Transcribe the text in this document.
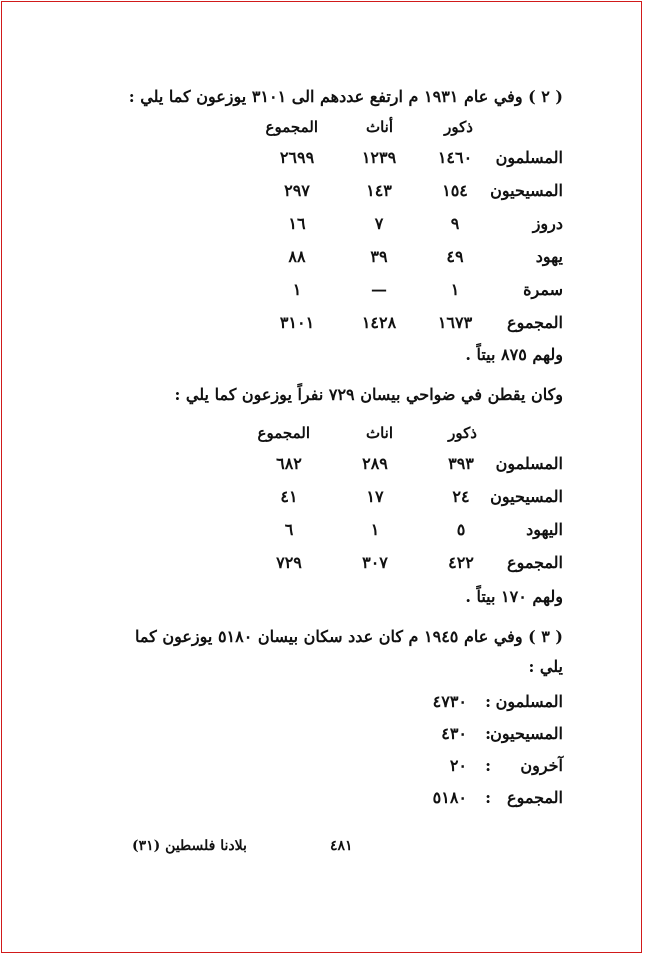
( ٢ ) وفي عام ١٩٣١ م ارتفع عددهم الى ٣١٠١ يوزعون كما يلي :
ذكور
أناث
المجموع
المسلمون
١٤٦٠
١٢٣٩
٢٦٩٩
المسيحيون
١٥٤
١٤٣
٢٩٧
دروز
٩
٧
١٦
يهود
٤٩
٣٩
٨٨
سمرة
١
—
١
المجموع
١٦٧٣
١٤٢٨
٣١٠١
ولهم ٨٧٥ بيتاً .
وكان يقطن في ضواحي بيسان ٧٢٩ نفراً يوزعون كما يلي :
ذكور
اناث
المجموع
المسلمون
٣٩٣
٢٨٩
٦٨٢
المسيحيون
٢٤
١٧
٤١
اليهود
٥
١
٦
المجموع
٤٢٢
٣٠٧
٧٢٩
ولهم ١٧٠ بيتاً .
( ٣ ) وفي عام ١٩٤٥ م كان عدد سكان بيسان ٥١٨٠ يوزعون كما
يلي :
المسلمون
:
٤٧٣٠
المسيحيون
:
٤٣٠
آخرون
:
٢٠
المجموع
:
٥١٨٠
٤٨١
بلادنا فلسطين (٣١)
